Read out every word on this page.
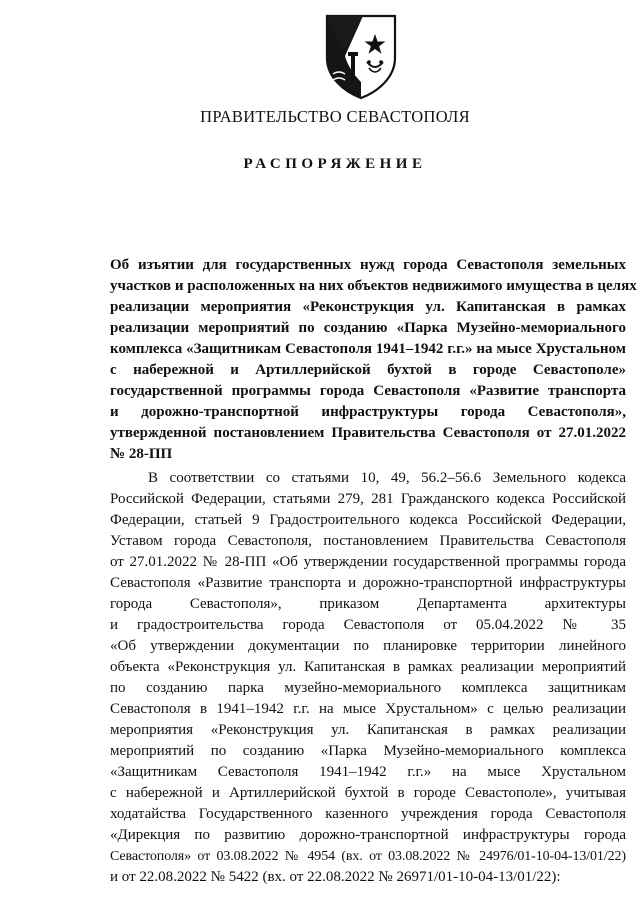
ПРАВИТЕЛЬСТВО СЕВАСТОПОЛЯ
РАСПОРЯЖЕНИЕ

Об изъятии для государственных нужд города Севастополя земельных

участков и расположенных на них объектов недвижимого имущества в целях

реализации мероприятия «Реконструкция ул. Капитанская в рамках

реализации мероприятий по созданию «Парка Музейно-мемориального

комплекса «Защитникам Севастополя 1941–1942 г.г.» на мысе Хрустальном

с набережной и Артиллерийской бухтой в городе Севастополе»

государственной программы города Севастополя «Развитие транспорта

и дорожно-транспортной инфраструктуры города Севастополя»,

утвержденной постановлением Правительства Севастополя от 27.01.2022

№ 28-ПП

В соответствии со статьями 10, 49, 56.2–56.6 Земельного кодекса

Российской Федерации, статьями 279, 281 Гражданского кодекса Российской

Федерации, статьей 9 Градостроительного кодекса Российской Федерации,

Уставом города Севастополя, постановлением Правительства Севастополя

от 27.01.2022 № 28-ПП «Об утверждении государственной программы города

Севастополя «Развитие транспорта и дорожно-транспортной инфраструктуры

города Севастополя», приказом Департамента архитектуры

и градостроительства города Севастополя от 05.04.2022 № 35

«Об утверждении документации по планировке территории линейного

объекта «Реконструкция ул. Капитанская в рамках реализации мероприятий

по созданию парка музейно-мемориального комплекса защитникам

Севастополя в 1941–1942 г.г. на мысе Хрустальном» с целью реализации

мероприятия «Реконструкция ул. Капитанская в рамках реализации

мероприятий по созданию «Парка Музейно-мемориального комплекса

«Защитникам Севастополя 1941–1942 г.г.» на мысе Хрустальном

с набережной и Артиллерийской бухтой в городе Севастополе», учитывая

ходатайства Государственного казенного учреждения города Севастополя

«Дирекция по развитию дорожно-транспортной инфраструктуры города

Севастополя» от 03.08.2022 № 4954 (вх. от 03.08.2022 № 24976/01-10-04-13/01/22)

и от 22.08.2022 № 5422 (вх. от 22.08.2022 № 26971/01-10-04-13/01/22):
